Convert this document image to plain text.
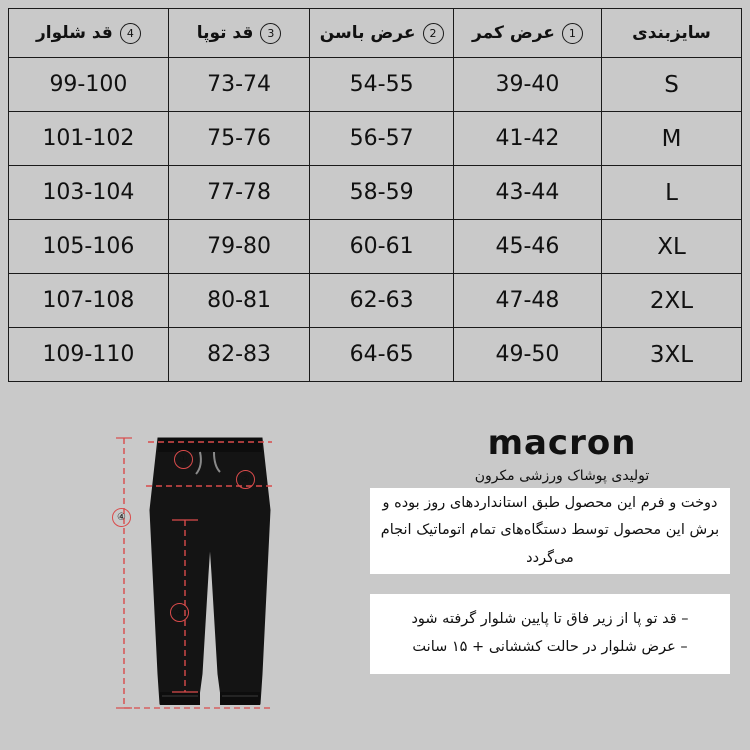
سایزبندی	عرض کمر 1	عرض باسن 2	قد توپا 3	قد شلوار 4

S	39-40	54-55	73-74	99-100
M	41-42	56-57	75-76	101-102
L	43-44	58-59	77-78	103-104
XL	45-46	60-61	79-80	105-106
2XL	47-48	62-63	80-81	107-108
3XL	49-50	64-65	82-83	109-110
①
②
③
④
macron
تولیدی پوشاک ورزشی مکرون

دوخت و فرم این محصول طبق استانداردهای روز بوده و برش این محصول توسط دستگاه‌های تمام اتوماتیک انجام می‌گردد

– قد تو پا از زیر فاق تا پایین شلوار گرفته شود

– عرض شلوار در حالت کششانی + ۱۵ سانت
